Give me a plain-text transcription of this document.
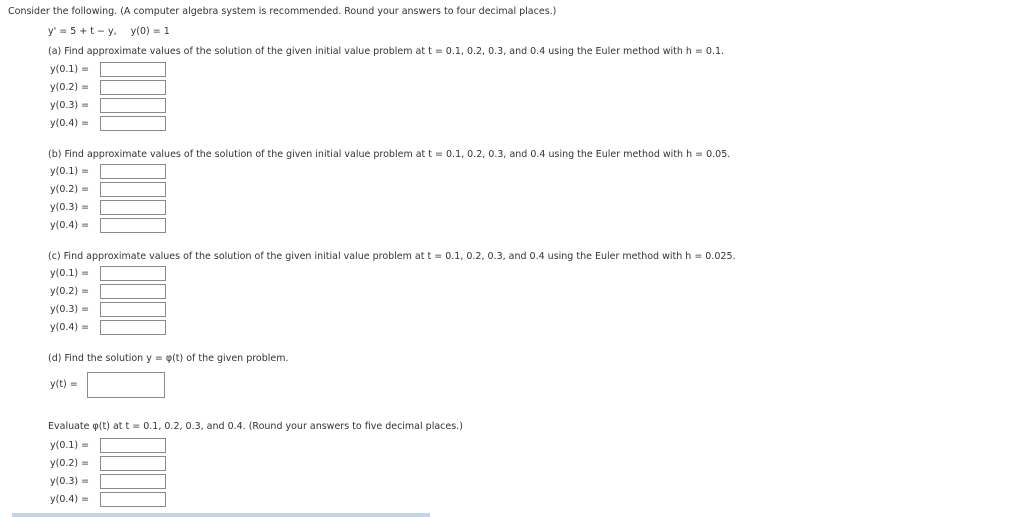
Consider the following. (A computer algebra system is recommended. Round your answers to four decimal places.)
y' = 5 + t − y, y(0) = 1
(a) Find approximate values of the solution of the given initial value problem at t = 0.1, 0.2, 0.3, and 0.4 using the Euler method with h = 0.1.
y(0.1) =
y(0.2) =
y(0.3) =
y(0.4) =
(b) Find approximate values of the solution of the given initial value problem at t = 0.1, 0.2, 0.3, and 0.4 using the Euler method with h = 0.05.
y(0.1) =
y(0.2) =
y(0.3) =
y(0.4) =
(c) Find approximate values of the solution of the given initial value problem at t = 0.1, 0.2, 0.3, and 0.4 using the Euler method with h = 0.025.
y(0.1) =
y(0.2) =
y(0.3) =
y(0.4) =
(d) Find the solution y = φ(t) of the given problem.
y(t) =
Evaluate φ(t) at t = 0.1, 0.2, 0.3, and 0.4. (Round your answers to five decimal places.)
y(0.1) =
y(0.2) =
y(0.3) =
y(0.4) =
